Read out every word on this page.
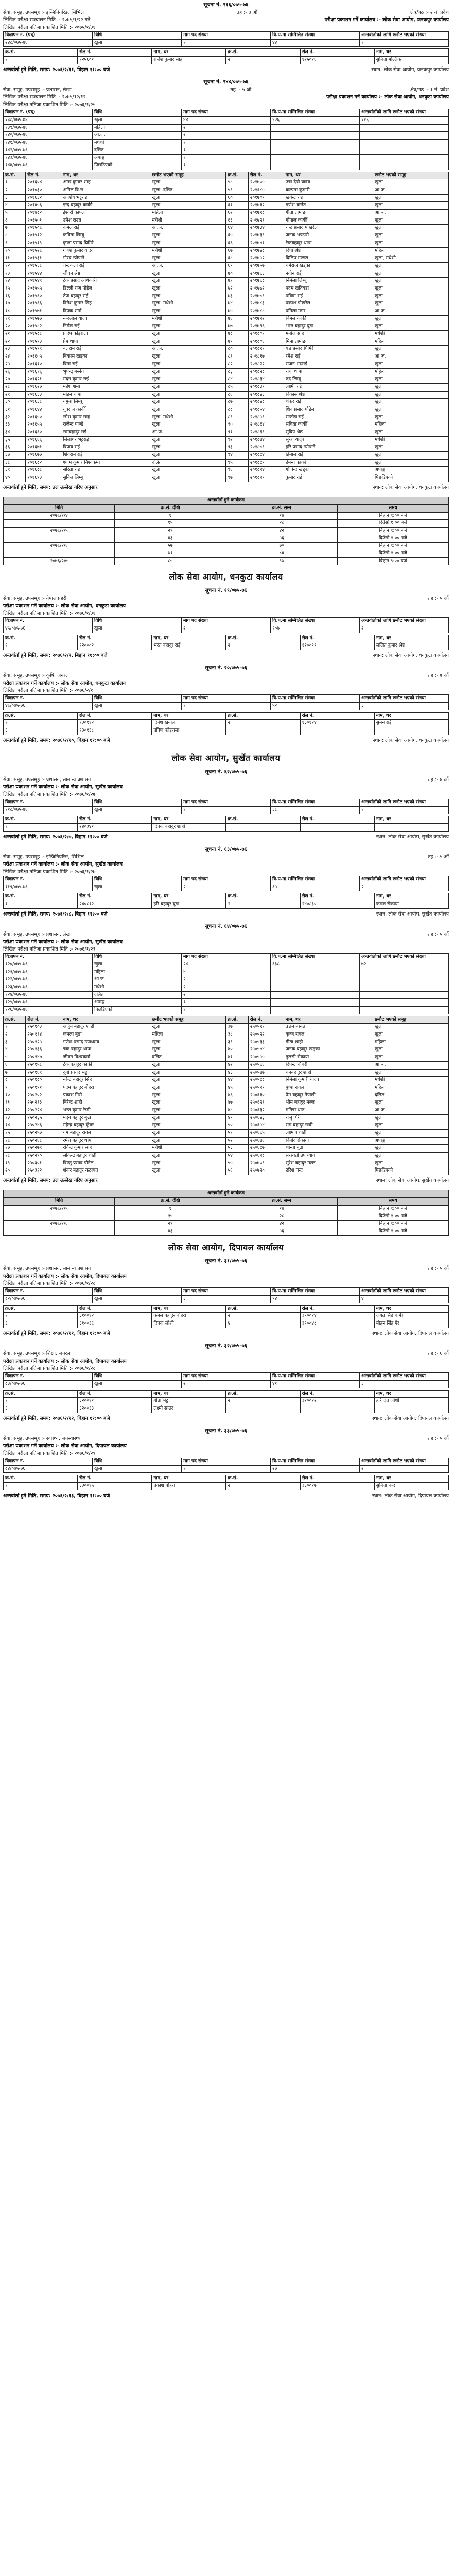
सूचना नं. २१६/०७५-७६
सेवा, समूह, उपसमूह :- इन्जिनियरिङ, सिभिल	तह :- ७ औं	क्षेत्र/गठ :- २ नं. प्रदेश
लिखित परीक्षा सञ्चालन मिति :- २०७५/१/२२ गते	परीक्षा प्रकाशन गर्ने कार्यालय :- लोक सेवा आयोग, जनकपुर कार्यालय
लिखित परीक्षा नतिजा प्रकाशित मिति :- २०७५/१/३१
विज्ञापन नं. (पद)	विधि	माग पद संख्या	वि.प.मा सम्मिलित संख्या	अन्तर्वार्ताको लागि छनौट भएको संख्या
२४८/०७५-७६	खुला	१	४४	१
क्र.सं.	रोल नं.	नाम, थर	क्र.सं.	रोल नं.	नाम, थर
१	१२५६०१	राजेश कुमार साह	२	१२५०२६	सुनिता मल्लिक
अन्तर्वार्ता हुने मिति, समय: २०७६/२/११, विहान ११:०० बजे	स्थान: लोक सेवा आयोग, जनकपुर कार्यालय
सूचना नं. २४४/०७५-७६
सेवा, समूह, उपसमूह :- प्रशासन, लेखा	तह :- ५ औं	क्षेत्र/गठ :- १ नं. प्रदेश
लिखित परीक्षा सञ्चालन मिति :- २०७५/१२/१२	परीक्षा प्रकाशन गर्ने कार्यालय :- लोक सेवा आयोग, धनकुटा कार्यालय
लिखित परीक्षा नतिजा प्रकाशित मिति :- २०७६/१/२५
विज्ञापन नं. (पद)	विधि	माग पद संख्या	वि.प.मा सम्मिलित संख्या	अन्तर्वार्ताको लागि छनौट भएको संख्या
१३८/०७५-७६	खुला	४४	९२६	११६
१३९/०७५-७६	महिला	२		
१४०/०७५-७६	आ.ज.	२		
१४१/०७५-७६	मधेशी	१		
१४२/०७५-७६	दलित	१		
१४३/०७५-७६	अपाङ्ग	१		
१४४/०७५-७६	पिछडिएको	१		
क्र.सं.	रोल नं.	नाम, थर	छनौट भएको समूह	क्र.सं.	रोल नं.	नाम, थर	छनौट भएको समूह
१	२०१६०४	अमर कुमार शाह	खुला	५८	२०१७०५	उषा देवी यादव	खुला
२	२०१०३०	अनिल बि.स.	खुला, दलित	५९	२०१६८५	कल्पना कुमारी	आ.ज.
३	२०१६३२	आशिष भट्टराई	खुला	६०	२०१७०९	खगेन्द्र राई	खुला
४	२०१४५६	इन्द्र बहादुर कार्की	खुला	६१	२०१७१२	गणेश बस्नेत	खुला
५	२०१४८२	ईश्वरी काफ्ले	महिला	६२	२०१७१८	गीता तामाङ	आ.ज.
६	२०१५०१	उमेश राउत	मधेशी	६३	२०१७२१	गोपाल कार्की	खुला
७	२०१५०६	कमल राई	आ.ज.	६४	२०१७३४	चन्द्र प्रसाद पोखरेल	खुला
८	२०१५१२	कविता लिम्बू	खुला	६५	२०१७३९	जनक भण्डारी	खुला
९	२०१५१९	कृष्ण प्रसाद घिमिरे	खुला	६६	२०१७४१	टेकबहादुर थापा	खुला
१०	२०१५२६	गणेश कुमार यादव	मधेशी	६७	२०१७४८	दिपा श्रेष्ठ	महिला
११	२०१५३१	गौरव न्यौपाने	खुला	६८	२०१७५२	दिलिप मण्डल	खुला, मधेशी
१२	२०१५३८	चन्द्रकला राई	आ.ज.	६९	२०१७५७	धर्मराज खड्का	खुला
१३	२०१५४४	जीवन श्रेष्ठ	खुला	७०	२०१७६३	नवीन राई	खुला
१४	२०१५४९	टंक प्रसाद अधिकारी	खुला	७१	२०१७६८	निर्मला लिम्बू	खुला
१५	२०१५५५	डिल्ली राज पौडेल	खुला	७२	२०१७७२	पदम खतिवडा	खुला
१६	२०१५६०	तेज बहादुर राई	खुला	७३	२०१७७९	पवित्रा राई	खुला
१७	२०१५६६	दिनेश कुमार सिंह	खुला, मधेशी	७४	२०१७८३	प्रकाश पोखरेल	खुला
१८	२०१५७१	दिपक शर्मा	खुला	७५	२०१७८८	प्रमिला मगर	आ.ज.
१९	२०१५७७	नन्दलाल यादव	मधेशी	७६	२०१७९२	बिमल कार्की	खुला
२०	२०१५८२	निर्मल राई	खुला	७७	२०१७९६	भरत बहादुर बुढा	खुला
२१	२०१५८८	प्रदिप कोइराला	खुला	७८	२०१८०१	मनोज साह	मधेशी
२२	२०१५९३	प्रेम थापा	खुला	७९	२०१८०६	मिना तामाङ	महिला
२३	२०१५९९	बलराम राई	आ.ज.	८०	२०१८११	यज्ञ प्रसाद घिमिरे	खुला
२४	२०१६०५	बिकास खड्का	खुला	८१	२०१८१७	रमेश राई	आ.ज.
२५	२०१६१०	बिना राई	खुला	८२	२०१८२२	राजन भट्टराई	खुला
२६	२०१६१६	भुपेन्द्र बस्नेत	खुला	८३	२०१८२८	राधा थापा	महिला
२७	२०१६२१	मदन कुमार राई	खुला	८४	२०१८३४	रुद्र लिम्बू	खुला
२८	२०१६२७	महेश शर्मा	खुला	८५	२०१८३९	लक्ष्मी राई	खुला
२९	२०१६३३	मोहन थापा	खुला	८६	२०१८४३	विकास श्रेष्ठ	खुला
३०	२०१६३८	यमुना लिम्बू	खुला	८७	२०१८४८	शंकर राई	खुला
३१	२०१६४४	युवराज कार्की	खुला	८८	२०१८५४	शिव प्रसाद पौडेल	खुला
३२	२०१६५०	रमेश कुमार साह	खुला, मधेशी	८९	२०१८५९	सन्तोष राई	खुला
३३	२०१६५५	राजेन्द्र पाण्डे	खुला	९०	२०१८६४	सविता कार्की	महिला
३४	२०१६६०	रामबहादुर राई	आ.ज.	९१	२०१८६९	सुदिप श्रेष्ठ	खुला
३५	२०१६६६	लिलाधर भट्टराई	खुला	९२	२०१८७४	सुरेश यादव	मधेशी
३६	२०१६७१	विजय राई	खुला	९३	२०१८७९	हरि प्रसाद न्यौपाने	खुला
३७	२०१६७७	शिवराम राई	खुला	९४	२०१८८४	हिमाल राई	खुला
३८	२०१६८२	श्याम कुमार बिश्वकर्मा	दलित	९५	२०१८८९	हेमन्त कार्की	खुला
३९	२०१६८८	सरिता राई	खुला	९६	२०१८९४	गोविन्द खड्का	अपाङ्ग
४०	२०१६९३	सुनिल लिम्बू	खुला	९७	२०१८९९	कुमार राई	पिछडिएको
अन्तर्वार्ता हुने मिति, समय: तल उल्लेख गरिए अनुसार	स्थान: लोक सेवा आयोग, धनकुटा कार्यालय
अन्तर्वार्ता हुने कार्यक्रम			
मिति	क्र.सं. देखि	क्र.सं. सम्म	समय
२०७६/२/४	१	१४	बिहान ९:०० बजे
	१५	२८	दिउँसो १:०० बजे
२०७६/२/५	२९	४२	बिहान ९:०० बजे
	४३	५६	दिउँसो १:०० बजे
२०७६/२/६	५७	७०	बिहान ९:०० बजे
	७१	८४	दिउँसो १:०० बजे
२०७६/२/७	८५	९७	बिहान ९:०० बजे
लोक सेवा आयोग, धनकुटा कार्यालय
सूचना नं. १९/०७५-७६
सेवा, समूह, उपसमूह :- नेपाल प्रहरी	तह :- ५ औं
परीक्षा प्रकाशन गर्ने कार्यालय :- लोक सेवा आयोग, धनकुटा कार्यालय
लिखित परीक्षा नतिजा प्रकाशित मिति :- २०७६/१/३१
विज्ञापन नं.	विधि	माग पद संख्या	वि.प.मा सम्मिलित संख्या	अन्तर्वार्ताको लागि छनौट भएको संख्या
४५/०७५-७६	खुला	२	१०७	२
क्र.सं.	रोल नं.	नाम, थर	क्र.सं.	रोल नं.	नाम, थर
१	१२०००२	भरत बहादुर राई	२	१२००१९	ललित कुमार श्रेष्ठ
अन्तर्वार्ता हुने मिति, समय: २०७६/२/९, बिहान ११:०० बजे	स्थान: लोक सेवा आयोग, धनकुटा कार्यालय
सूचना नं. २०/०७५-७६
सेवा, समूह, उपसमूह :- कृषि, जनरल	तह :- ७ औं
परीक्षा प्रकाशन गर्ने कार्यालय :- लोक सेवा आयोग, धनकुटा कार्यालय
लिखित परीक्षा नतिजा प्रकाशित मिति :- २०७६/२/१
विज्ञापन नं.	विधि	माग पद संख्या	वि.प.मा सम्मिलित संख्या	अन्तर्वार्ताको लागि छनौट भएको संख्या
४६/०७५-७६	खुला	१	५२	३
क्र.सं.	रोल नं.	नाम, थर	क्र.सं.	रोल नं.	नाम, थर
१	१३०११२	दिनेश खनाल	२	१३०१२४	सुमन राई
३	१३०१३८	प्रविण कोइराला			
अन्तर्वार्ता हुने मिति, समय: २०७६/२/१०, बिहान ११:०० बजे	स्थान: लोक सेवा आयोग, धनकुटा कार्यालय
लोक सेवा आयोग, सुर्खेत कार्यालय
सूचना नं. ६२/०७५-७६
सेवा, समूह, उपसमूह :- प्रशासन, सामान्य प्रशासन	तह :- ४ औं
परीक्षा प्रकाशन गर्ने कार्यालय :- लोक सेवा आयोग, सुर्खेत कार्यालय
लिखित परीक्षा नतिजा प्रकाशित मिति :- २०७६/१/२७
विज्ञापन नं.	विधि	माग पद संख्या	वि.प.मा सम्मिलित संख्या	अन्तर्वार्ताको लागि छनौट भएको संख्या
११८/०७५-७६	खुला	१	३८	१
क्र.सं.	रोल नं.	नाम, थर	क्र.सं.	रोल नं.	नाम, थर
१	२४०३४१	दिपक बहादुर शाही			
अन्तर्वार्ता हुने मिति, समय: २०७६/२/७, बिहान ११:०० बजे	स्थान: लोक सेवा आयोग, सुर्खेत कार्यालय
सूचना नं. ६३/०७५-७६
सेवा, समूह, उपसमूह :- इन्जिनियरिङ, सिभिल	तह :- ५ औं
परीक्षा प्रकाशन गर्ने कार्यालय :- लोक सेवा आयोग, सुर्खेत कार्यालय
लिखित परीक्षा नतिजा प्रकाशित मिति :- २०७६/१/२७
विज्ञापन नं.	विधि	माग पद संख्या	वि.प.मा सम्मिलित संख्या	अन्तर्वार्ताको लागि छनौट भएको संख्या
११९/०७५-७६	खुला	२	६५	२
क्र.सं.	रोल नं.	नाम, थर	क्र.सं.	रोल नं.	नाम, थर
१	२४०८१२	हरि बहादुर बुढा	२	२४०८३०	कमल रोकाया
अन्तर्वार्ता हुने मिति, समय: २०७६/२/८, बिहान ११:०० बजे	स्थान: लोक सेवा आयोग, सुर्खेत कार्यालय
सूचना नं. ६४/०७५-७६
सेवा, समूह, उपसमूह :- प्रशासन, लेखा	तह :- ५ औं
परीक्षा प्रकाशन गर्ने कार्यालय :- लोक सेवा आयोग, सुर्खेत कार्यालय
लिखित परीक्षा नतिजा प्रकाशित मिति :- २०७६/१/२९
विज्ञापन नं.	विधि	माग पद संख्या	वि.प.मा सम्मिलित संख्या	अन्तर्वार्ताको लागि छनौट भएको संख्या
१२०/०७५-७६	खुला	२४	६३८	७२
१२१/०७५-७६	महिला	४		
१२२/०७५-७६	आ.ज.	२		
१२३/०७५-७६	मधेशी	२		
१२४/०७५-७६	दलित	२		
१२५/०७५-७६	अपाङ्ग	१		
१२६/०७५-७६	पिछडिएको	१		
क्र.सं.	रोल नं.	नाम, थर	छनौट भएको समूह	क्र.सं.	रोल नं.	नाम, थर	छनौट भएको समूह
१	२५०१०३	अर्जुन बहादुर शाही	खुला	३७	२५०५११	उत्तम बस्नेत	खुला
२	२५०११४	कमला बुढा	महिला	३८	२५०५२२	कृष्ण रावल	खुला
३	२५०१२५	गणेश प्रसाद उपाध्याय	खुला	३९	२५०५३३	गीता शाही	महिला
४	२५०१३६	चक्र बहादुर थापा	खुला	४०	२५०५४४	जनक बहादुर खड्का	खुला
५	२५०१४७	जीवन विश्वकर्मा	दलित	४१	२५०५५५	तुलसी रोकाया	खुला
६	२५०१५८	टेक बहादुर कार्की	खुला	४२	२५०५६६	दिपेन्द्र चौधरी	आ.ज.
७	२५०१६९	दुर्गा प्रसाद भट्ट	खुला	४३	२५०५७७	धनबहादुर शाही	खुला
८	२५०१८०	नरेन्द्र बहादुर सिंह	खुला	४४	२५०५८८	निर्मला कुमारी यादव	मधेशी
९	२५०१९१	पदम बहादुर बोहरा	खुला	४५	२५०५९९	पुष्पा रावल	महिला
१०	२५०२०२	प्रकाश गिरी	खुला	४६	२५०६१०	प्रेम बहादुर नेपाली	दलित
११	२५०२१३	बिरेन्द्र शाही	खुला	४७	२५०६२१	भीम बहादुर मल्ल	खुला
१२	२५०२२४	भरत कुमार रेग्मी	खुला	४८	२५०६३२	मनिषा थारु	आ.ज.
१३	२५०२३५	मदन बहादुर बुढा	खुला	४९	२५०६४३	राजु गिरी	खुला
१४	२५०२४६	महेन्द्र बहादुर कुँवर	खुला	५०	२५०६५४	राम बहादुर खत्री	खुला
१५	२५०२५७	यम बहादुर रावल	खुला	५१	२५०६६५	लक्ष्मण शाही	खुला
१६	२५०२६८	रमेश बहादुर थापा	खुला	५२	२५०६७६	विनोद रोकाया	अपाङ्ग
१७	२५०२७९	रविन्द्र कुमार साह	मधेशी	५३	२५०६८७	शान्ता बुढा	खुला
१८	२५०२९०	लोकेन्द्र बहादुर शाही	खुला	५४	२५०६९८	सरस्वती उपाध्याय	खुला
१९	२५०३०१	विष्णु प्रसाद पौडेल	खुला	५५	२५०७०९	सुरेश बहादुर मल्ल	खुला
२०	२५०३१२	शंकर बहादुर कठायत	खुला	५६	२५०७२०	हरिश चन्द	पिछडिएको
अन्तर्वार्ता हुने मिति, समय: तल उल्लेख गरिए अनुसार	स्थान: लोक सेवा आयोग, सुर्खेत कार्यालय
अन्तर्वार्ता हुने कार्यक्रम			
मिति	क्र.सं. देखि	क्र.सं. सम्म	समय
२०७६/२/५	१	१४	बिहान ९:०० बजे
	१५	२८	दिउँसो १:०० बजे
२०७६/२/६	२९	४२	बिहान ९:०० बजे
	४३	५६	दिउँसो १:०० बजे
लोक सेवा आयोग, दिपायल कार्यालय
सूचना नं. ३१/०७५-७६
सेवा, समूह, उपसमूह :- प्रशासन, सामान्य प्रशासन	तह :- ५ औं
परीक्षा प्रकाशन गर्ने कार्यालय :- लोक सेवा आयोग, दिपायल कार्यालय
लिखित परीक्षा नतिजा प्रकाशित मिति :- २०७६/१/२८
विज्ञापन नं.	विधि	माग पद संख्या	वि.प.मा सम्मिलित संख्या	अन्तर्वार्ताको लागि छनौट भएको संख्या
८२/०७५-७६	खुला	३	९४	४
क्र.सं.	रोल नं.	नाम, थर	क्र.सं.	रोल नं.	नाम, थर
१	३१००१२	कमल बहादुर बोहरा	२	३१००२४	जगत सिंह धामी
३	३१००३६	दिपक जोशी	४	३१००४८	मोहन सिंह ऐर
अन्तर्वार्ता हुने मिति, समय: २०७६/२/११, बिहान ११:०० बजे	स्थान: लोक सेवा आयोग, दिपायल कार्यालय
सूचना नं. ३२/०७५-७६
सेवा, समूह, उपसमूह :- शिक्षा, जनरल	तह :- ६ औं
परीक्षा प्रकाशन गर्ने कार्यालय :- लोक सेवा आयोग, दिपायल कार्यालय
लिखित परीक्षा नतिजा प्रकाशित मिति :- २०७६/१/२८
विज्ञापन नं.	विधि	माग पद संख्या	वि.प.मा सम्मिलित संख्या	अन्तर्वार्ताको लागि छनौट भएको संख्या
८३/०७५-७६	खुला	२	४१	३
क्र.सं.	रोल नं.	नाम, थर	क्र.सं.	रोल नं.	नाम, थर
१	३२००११	गीता भट्ट	२	३२००२२	हरि दत्त जोशी
३	३२००३३	लक्ष्मी साउद			
अन्तर्वार्ता हुने मिति, समय: २०७६/२/१२, बिहान ११:०० बजे	स्थान: लोक सेवा आयोग, दिपायल कार्यालय
सूचना नं. ३३/०७५-७६
सेवा, समूह, उपसमूह :- स्वास्थ्य, जनस्वास्थ्य	तह :- ५ औं
परीक्षा प्रकाशन गर्ने कार्यालय :- लोक सेवा आयोग, दिपायल कार्यालय
लिखित परीक्षा नतिजा प्रकाशित मिति :- २०७६/१/२९
विज्ञापन नं.	विधि	माग पद संख्या	वि.प.मा सम्मिलित संख्या	अन्तर्वार्ताको लागि छनौट भएको संख्या
८४/०७५-७६	खुला	१	२७	२
क्र.सं.	रोल नं.	नाम, थर	क्र.सं.	रोल नं.	नाम, थर
१	३३००१५	प्रकाश बोहरा	२	३३००२७	सुनिता चन्द
अन्तर्वार्ता हुने मिति, समय: २०७६/२/१३, बिहान ११:०० बजे	स्थान: लोक सेवा आयोग, दिपायल कार्यालय
